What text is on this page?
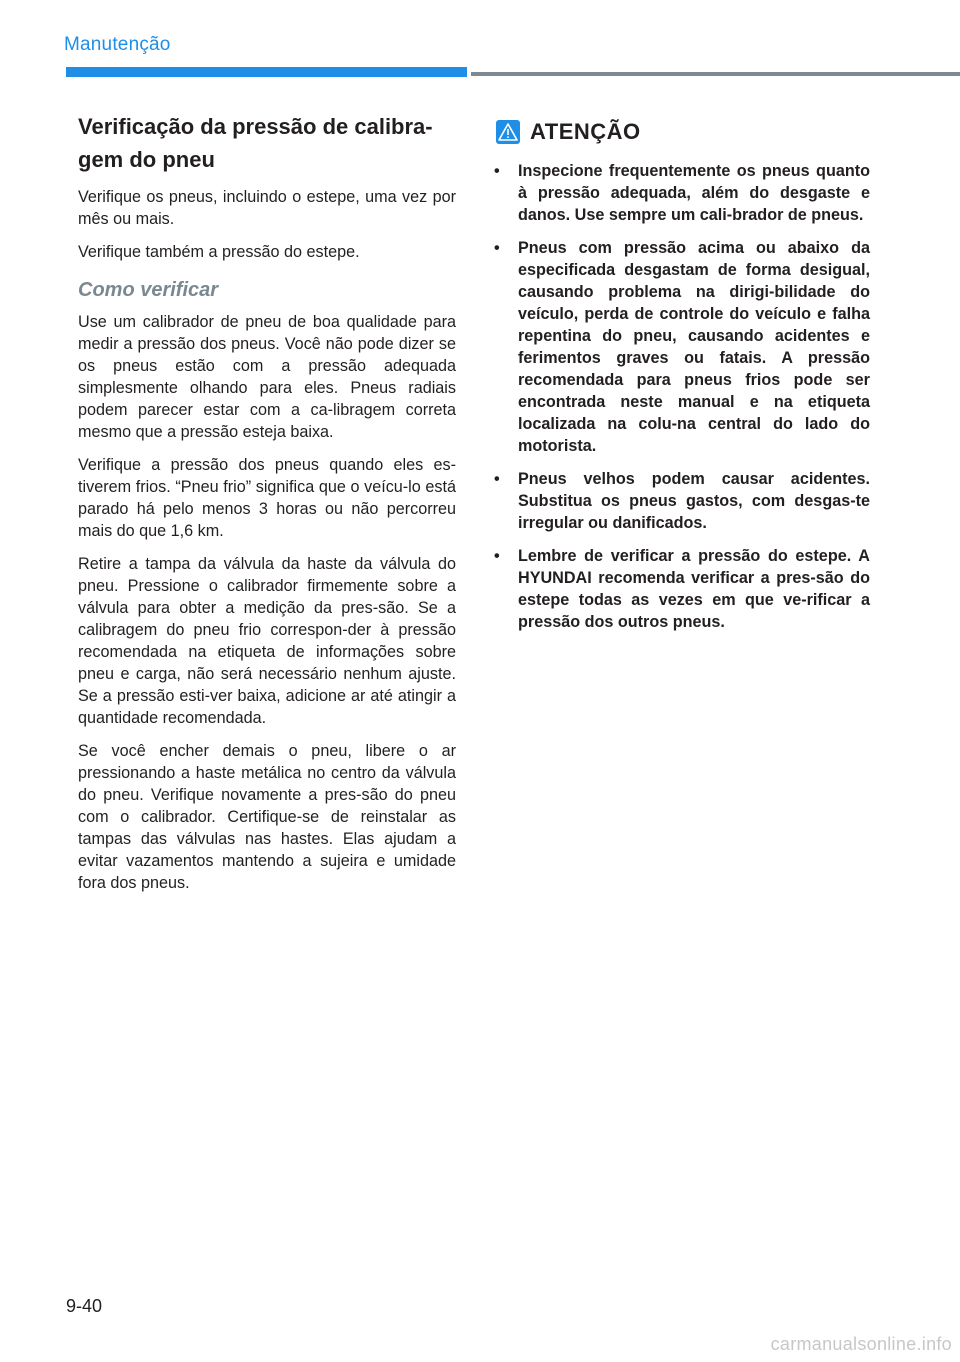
Manutenção
Verificação da pressão de calibra-gem do pneu

Verifique os pneus, incluindo o estepe, uma vez por mês ou mais.

Verifique também a pressão do estepe.

Como verificar

Use um calibrador de pneu de boa qualidade para medir a pressão dos pneus. Você não pode dizer se os pneus estão com a pressão adequada simplesmente olhando para eles. Pneus radiais podem parecer estar com a ca-libragem correta mesmo que a pressão esteja baixa.

Verifique a pressão dos pneus quando eles es-tiverem frios. “Pneu frio” significa que o veícu-lo está parado há pelo menos 3 horas ou não percorreu mais do que 1,6 km.

Retire a tampa da válvula da haste da válvula do pneu. Pressione o calibrador firmemente sobre a válvula para obter a medição da pres-são. Se a calibragem do pneu frio correspon-der à pressão recomendada na etiqueta de informações sobre pneu e carga, não será necessário nenhum ajuste. Se a pressão esti-ver baixa, adicione ar até atingir a quantidade recomendada.

Se você encher demais o pneu, libere o ar pressionando a haste metálica no centro da válvula do pneu. Verifique novamente a pres-são do pneu com o calibrador. Certifique-se de reinstalar as tampas das válvulas nas hastes. Elas ajudam a evitar vazamentos mantendo a sujeira e umidade fora dos pneus.

ATENÇÃO
• Inspecione frequentemente os pneus quanto à pressão adequada, além do desgaste e danos. Use sempre um cali-brador de pneus.
• Pneus com pressão acima ou abaixo da especificada desgastam de forma desigual, causando problema na dirigi-bilidade do veículo, perda de controle do veículo e falha repentina do pneu, causando acidentes e ferimentos graves ou fatais. A pressão recomendada para pneus frios pode ser encontrada neste manual e na etiqueta localizada na colu-na central do lado do motorista.
• Pneus velhos podem causar acidentes. Substitua os pneus gastos, com desgas-te irregular ou danificados.
• Lembre de verificar a pressão do estepe. A HYUNDAI recomenda verificar a pres-são do estepe todas as vezes em que ve-rificar a pressão dos outros pneus.
9-40
carmanualsonline.info
